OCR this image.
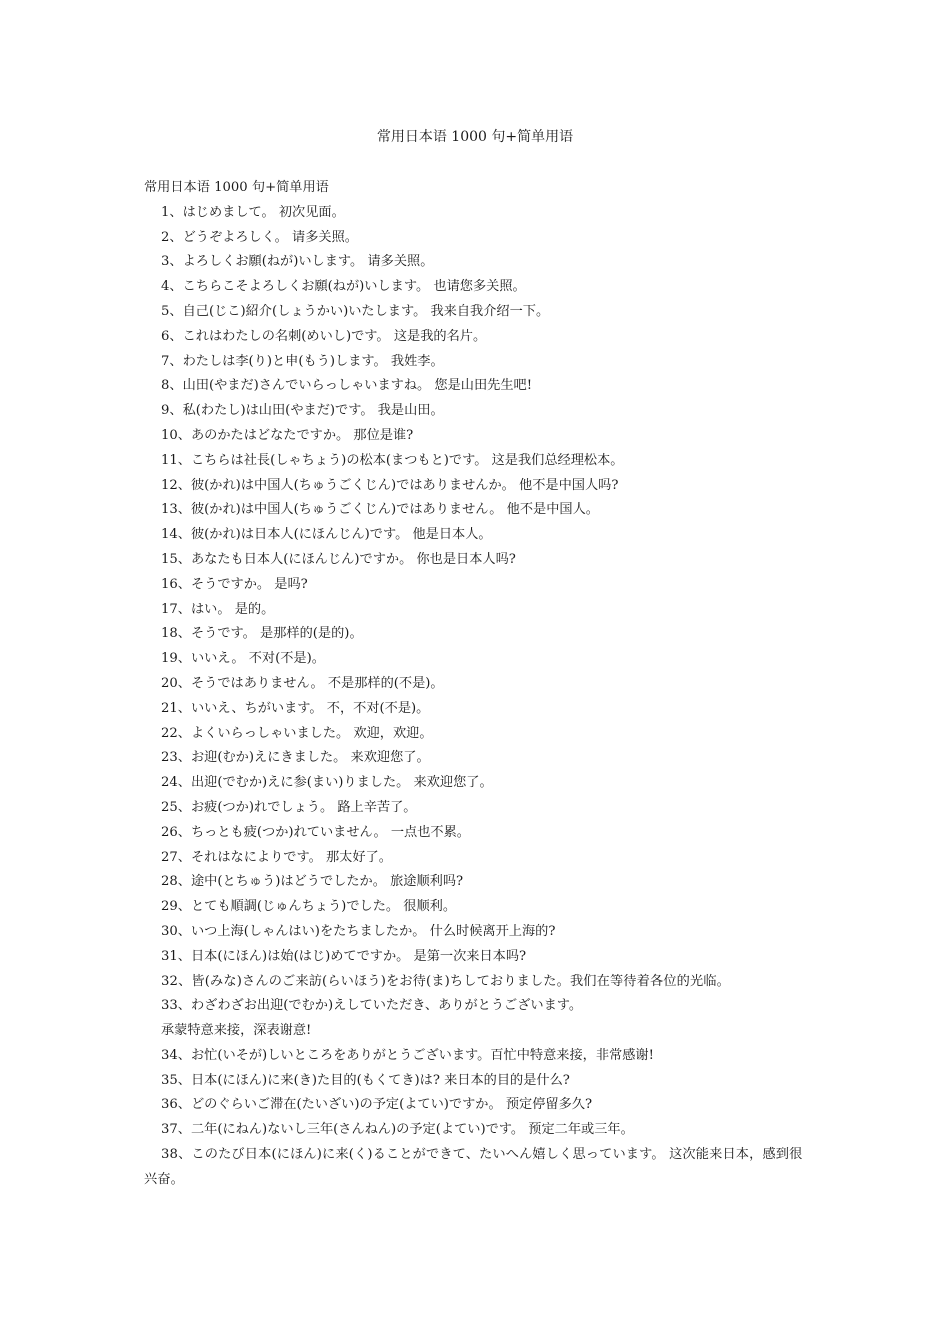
常用日本语 1000 句+简单用语

常用日本语 1000 句+简单用语

1、はじめまして。 初次见面。

2、どうぞよろしく。 请多关照。

3、よろしくお願(ねが)いします。 请多关照。

4、こちらこそよろしくお願(ねが)いします。 也请您多关照。

5、自己(じこ)紹介(しょうかい)いたします。 我来自我介绍一下。

6、これはわたしの名刺(めいし)です。 这是我的名片。

7、わたしは李(り)と申(もう)します。 我姓李。

8、山田(やまだ)さんでいらっしゃいますね。 您是山田先生吧!

9、私(わたし)は山田(やまだ)です。 我是山田。

10、あのかたはどなたですか。 那位是谁?

11、こちらは社長(しゃちょう)の松本(まつもと)です。 这是我们总经理松本。

12、彼(かれ)は中国人(ちゅうごくじん)ではありませんか。 他不是中国人吗?

13、彼(かれ)は中国人(ちゅうごくじん)ではありません。 他不是中国人。

14、彼(かれ)は日本人(にほんじん)です。 他是日本人。

15、あなたも日本人(にほんじん)ですか。 你也是日本人吗?

16、そうですか。 是吗?

17、はい。 是的。

18、そうです。 是那样的(是的)。

19、いいえ。 不对(不是)。

20、そうではありません。 不是那样的(不是)。

21、いいえ、ちがいます。 不，不对(不是)。

22、よくいらっしゃいました。 欢迎，欢迎。

23、お迎(むか)えにきました。 来欢迎您了。

24、出迎(でむか)えに参(まい)りました。 来欢迎您了。

25、お疲(つか)れでしょう。 路上辛苦了。

26、ちっとも疲(つか)れていません。 一点也不累。

27、それはなによりです。 那太好了。

28、途中(とちゅう)はどうでしたか。 旅途顺利吗?

29、とても順調(じゅんちょう)でした。 很顺利。

30、いつ上海(しゃんはい)をたちましたか。 什么时候离开上海的?

31、日本(にほん)は始(はじ)めてですか。 是第一次来日本吗?

32、皆(みな)さんのご来訪(らいほう)をお待(ま)ちしておりました。我们在等待着各位的光临。

33、わざわざお出迎(でむか)えしていただき、ありがとうございます。

承蒙特意来接，深表谢意!

34、お忙(いそが)しいところをありがとうございます。百忙中特意来接，非常感谢!

35、日本(にほん)に来(き)た目的(もくてき)は? 来日本的目的是什么?

36、どのぐらいご滞在(たいざい)の予定(よてい)ですか。 预定停留多久?

37、二年(にねん)ないし三年(さんねん)の予定(よてい)です。 预定二年或三年。

38、このたび日本(にほん)に来(く)ることができて、たいへん嬉しく思っています。 这次能来日本，感到很兴奋。
